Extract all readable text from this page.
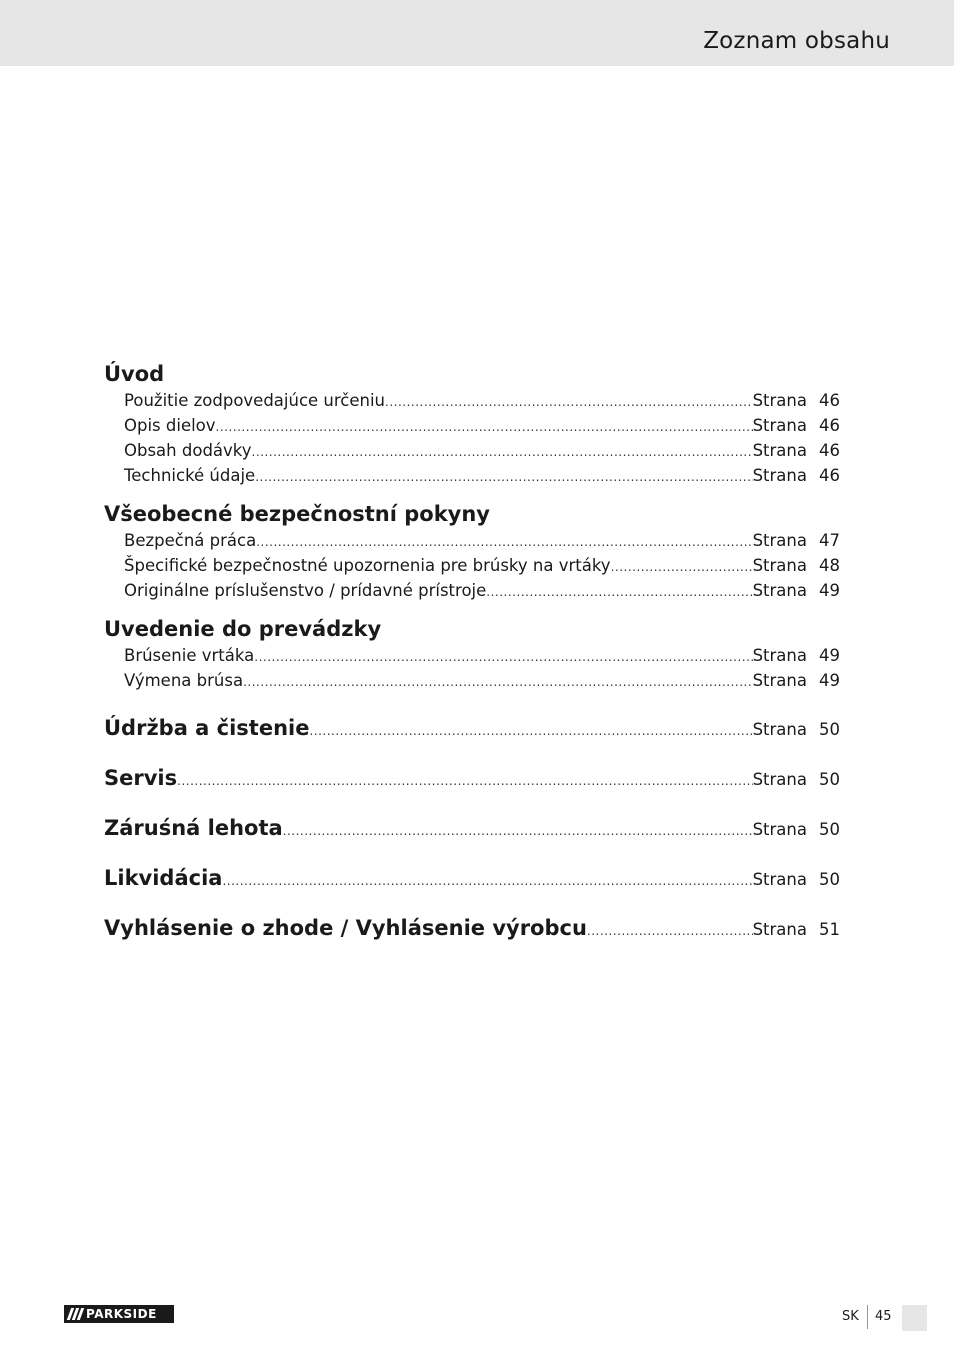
Zoznam obsahu
Úvod
Použitie zodpovedajúce určeniu .....	Strana 46
Opis dielov .....	Strana 46
Obsah dodávky .....	Strana 46
Technické údaje .....	Strana 46
Všeobecné bezpečnostní pokyny
Bezpečná práca .....	Strana 47
Špecifické bezpečnostné upozornenia pre brúsky na vrtáky .....	Strana 48
Originálne príslušenstvo / prídavné prístroje .....	Strana 49
Uvedenie do prevádzky
Brúsenie vrtáka .....	Strana 49
Výmena brúsa .....	Strana 49
Údržba a čistenie .....	Strana 50
Servis .....	Strana 50
Záruśná lehota .....	Strana 50
Likvidácia .....	Strana 50
Vyhlásenie o zhode / Vyhlásenie výrobcu .....	Strana 51
PARKSIDE	SK 45
